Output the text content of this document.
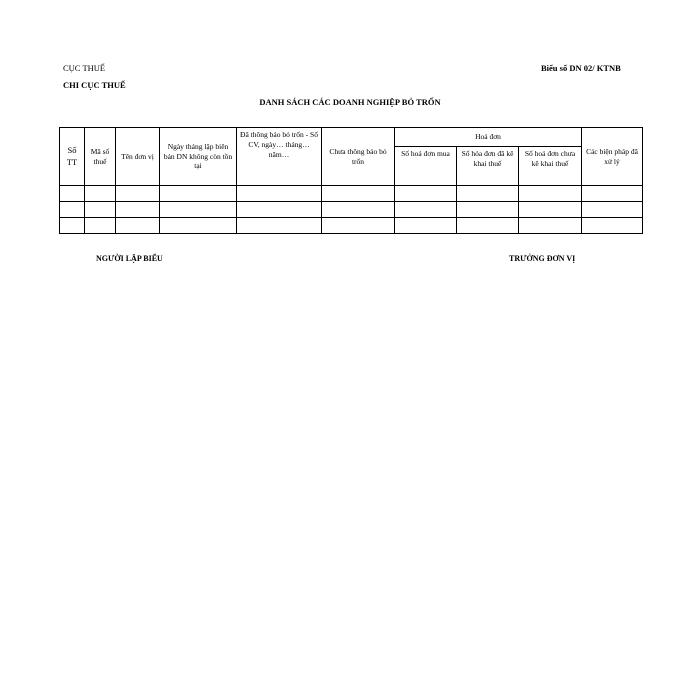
CỤC THUẾ
CHI CỤC THUẾ
Biểu số DN 02/ KTNB
DANH SÁCH CÁC DOANH NGHIỆP BỎ TRỐN
Số TT	Mã số thuế	Tên đơn vị	Ngày tháng lập biên bản DN không còn tồn tại	Đã thông báo bỏ trốn - Số CV, ngày… tháng… năm…	Chưa thông báo bỏ trốn	Hoá đơn			Các biện pháp đã xử lý
						Số hoá đơn mua	Số hóa đơn đã kê khai thuế	Số hoá đơn chưa kê khai thuế	

NGƯỜI LẬP BIỂU	TRƯỞNG ĐƠN VỊ
